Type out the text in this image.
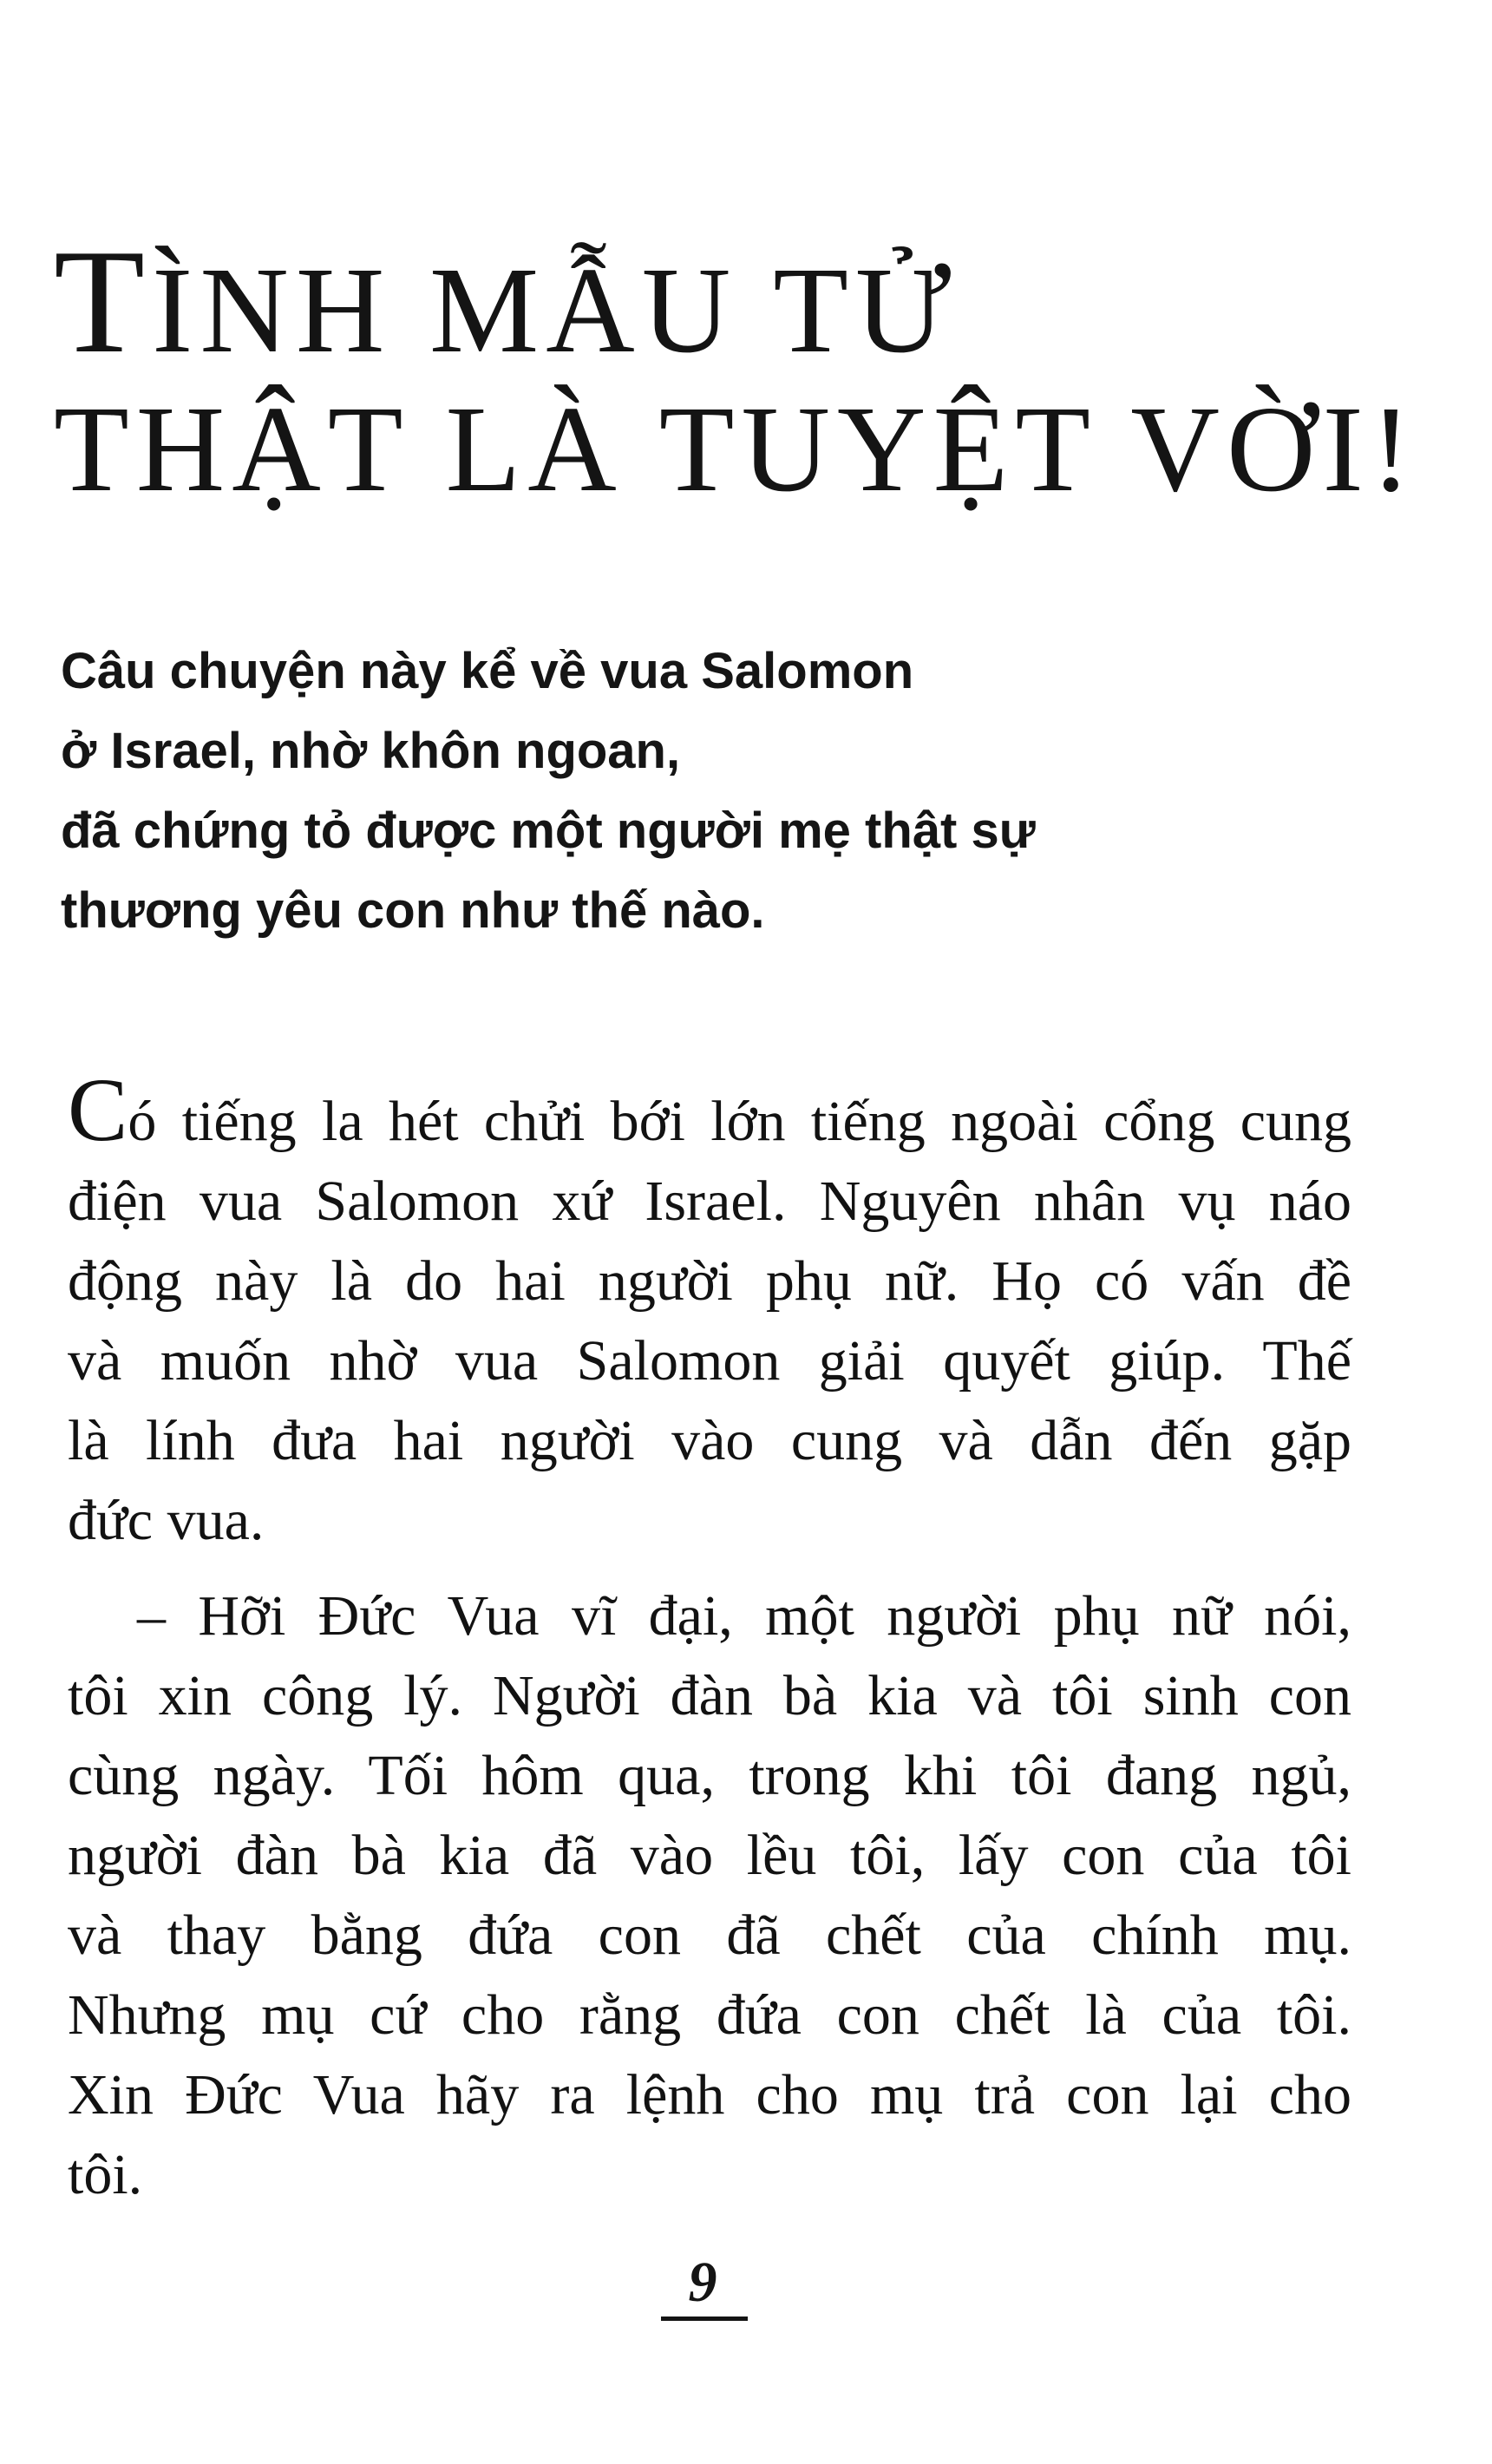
TÌNH MẪU TỬ
THẬT LÀ TUYỆT VỜI!
Câu chuyện này kể về vua Salomon
ở Israel, nhờ khôn ngoan,
đã chứng tỏ được một người mẹ thật sự
thương yêu con như thế nào.
Có tiếng la hét chửi bới lớn tiếng ngoài cổng cung
điện vua Salomon xứ Israel. Nguyên nhân vụ náo
động này là do hai người phụ nữ. Họ có vấn đề
và muốn nhờ vua Salomon giải quyết giúp. Thế
là lính đưa hai người vào cung và dẫn đến gặp
đức vua.
– Hỡi Đức Vua vĩ đại, một người phụ nữ nói,
tôi xin công lý. Người đàn bà kia và tôi sinh con
cùng ngày. Tối hôm qua, trong khi tôi đang ngủ,
người đàn bà kia đã vào lều tôi, lấy con của tôi
và thay bằng đứa con đã chết của chính mụ.
Nhưng mụ cứ cho rằng đứa con chết là của tôi.
Xin Đức Vua hãy ra lệnh cho mụ trả con lại cho
tôi.
9
